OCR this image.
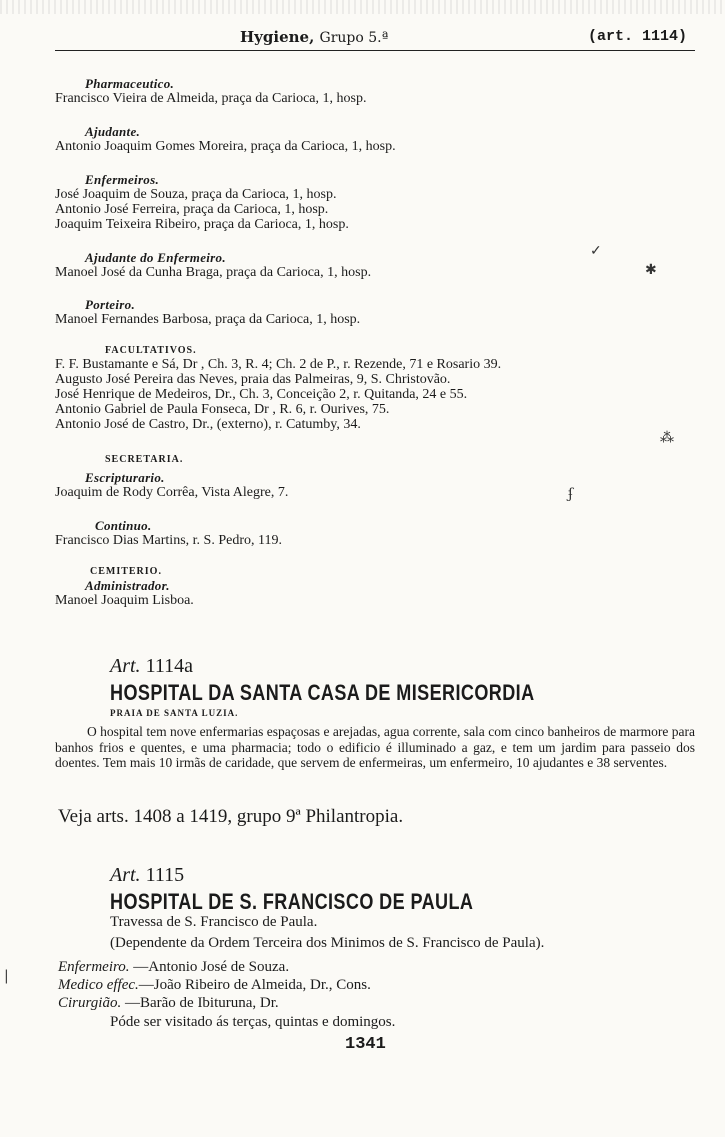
Hygiene, Grupo 5.ª	(art. 1114)
Pharmaceutico.
Francisco Vieira de Almeida, praça da Carioca, 1, hosp.
Ajudante.
Antonio Joaquim Gomes Moreira, praça da Carioca, 1, hosp.
Enfermeiros.
José Joaquim de Souza, praça da Carioca, 1, hosp.
Antonio José Ferreira, praça da Carioca, 1, hosp.
Joaquim Teixeira Ribeiro, praça da Carioca, 1, hosp.
Ajudante do Enfermeiro.
Manoel José da Cunha Braga, praça da Carioca, 1, hosp.
Porteiro.
Manoel Fernandes Barbosa, praça da Carioca, 1, hosp.
FACULTATIVOS.
F. F. Bustamante e Sá, Dr , Ch. 3, R. 4; Ch. 2 de P., r. Rezende, 71 e Rosario 39.
Augusto José Pereira das Neves, praia das Palmeiras, 9, S. Christovão.
José Henrique de Medeiros, Dr., Ch. 3, Conceição 2, r. Quitanda, 24 e 55.
Antonio Gabriel de Paula Fonseca, Dr , R. 6, r. Ourives, 75.
Antonio José de Castro, Dr., (externo), r. Catumby, 34.
SECRETARIA.
Escripturario.
Joaquim de Rody Corrêa, Vista Alegre, 7.
Continuo.
Francisco Dias Martins, r. S. Pedro, 119.
CEMITERIO.
Administrador.
Manoel Joaquim Lisboa.
Art. 1114a
HOSPITAL DA SANTA CASA DE MISERICORDIA
PRAIA DE SANTA LUZIA.
O hospital tem nove enfermarias espaçosas e arejadas, agua corrente, sala com cinco banheiros de marmore para banhos frios e quentes, e uma pharmacia; todo o edificio é illuminado a gaz, e tem um jardim para passeio dos doentes. Tem mais 10 irmãs de caridade, que servem de enfermeiras, um enfermeiro, 10 ajudantes e 38 serventes.
Veja arts. 1408 a 1419, grupo 9ª Philantropia.
Art. 1115
HOSPITAL DE S. FRANCISCO DE PAULA
Travessa de S. Francisco de Paula.
(Dependente da Ordem Terceira dos Minimos de S. Francisco de Paula).
Enfermeiro. —Antonio José de Souza.
Medico effec.—João Ribeiro de Almeida, Dr., Cons.
Cirurgião. —Barão de Ibituruna, Dr.
Póde ser visitado ás terças, quintas e domingos.
1341
✓
✱
⁂
ʄ
|
